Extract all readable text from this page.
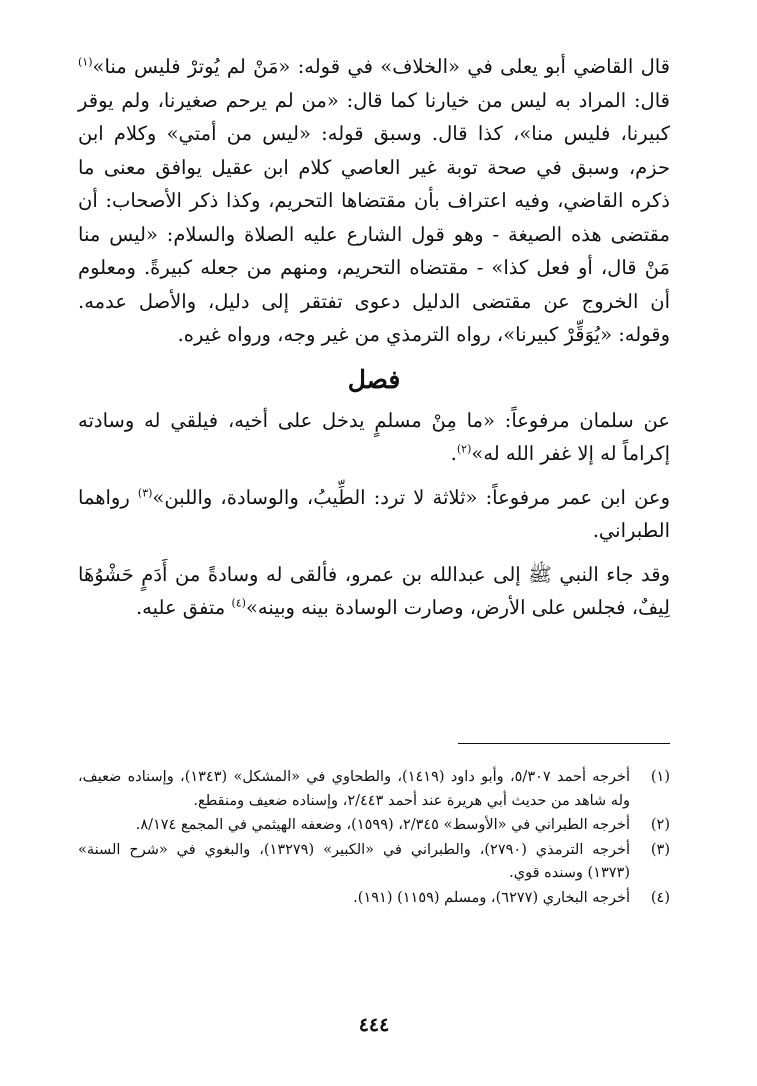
قال القاضي أبو يعلى في «الخلاف» في قوله: «مَنْ لم يُوترْ فليس منا»$^{(١)}$ قال: المراد به ليس من خيارنا كما قال: «من لم يرحم صغيرنا، ولم يوقر كبيرنا، فليس منا»، كذا قال. وسبق قوله: «ليس من أمتي» وكلام ابن حزم، وسبق في صحة توبة غير العاصي كلام ابن عقيل يوافق معنى ما ذكره القاضي، وفيه اعتراف بأن مقتضاها التحريم، وكذا ذكر الأصحاب: أن مقتضى هذه الصيغة - وهو قول الشارع عليه الصلاة والسلام: «ليس منا مَنْ قال، أو فعل كذا» - مقتضاه التحريم، ومنهم من جعله كبيرةً. ومعلوم أن الخروج عن مقتضى الدليل دعوى تفتقر إلى دليل، والأصل عدمه. وقوله: «يُوَقِّرْ كبيرنا»، رواه الترمذي من غير وجه، ورواه غيره.

فصل

عن سلمان مرفوعاً: «ما مِنْ مسلمٍ يدخل على أخيه، فيلقي له وسادته إكراماً له إلا غفر الله له»$^{(٢)}$.

وعن ابن عمر مرفوعاً: «ثلاثة لا ترد: الطِّيبُ، والوسادة، واللبن»$^{(٣)}$ رواهما الطبراني.

وقد جاء النبي ﷺ إلى عبدالله بن عمرو، فألقى له وسادةً من أَدَمٍ حَشْوُهَا لِيفٌ، فجلس على الأرض، وصارت الوسادة بينه وبينه»$^{(٤)}$ متفق عليه.

(١)
أخرجه أحمد ٥/٣٠٧، وأبو داود (١٤١٩)، والطحاوي في «المشكل» (١٣٤٣)، وإسناده ضعيف، وله شاهد من حديث أبي هريرة عند أحمد ٢/٤٤٣، وإسناده ضعيف ومنقطع.
(٢)
أخرجه الطبراني في «الأوسط» ٢/٣٤٥، (١٥٩٩)، وضعفه الهيثمي في المجمع ٨/١٧٤.
(٣)
أخرجه الترمذي (٢٧٩٠)، والطبراني في «الكبير» (١٣٢٧٩)، والبغوي في «شرح السنة» (١٣٧٣) وسنده قوي.
(٤)
أخرجه البخاري (٦٢٧٧)، ومسلم (١١٥٩) (١٩١).
٤٤٤
